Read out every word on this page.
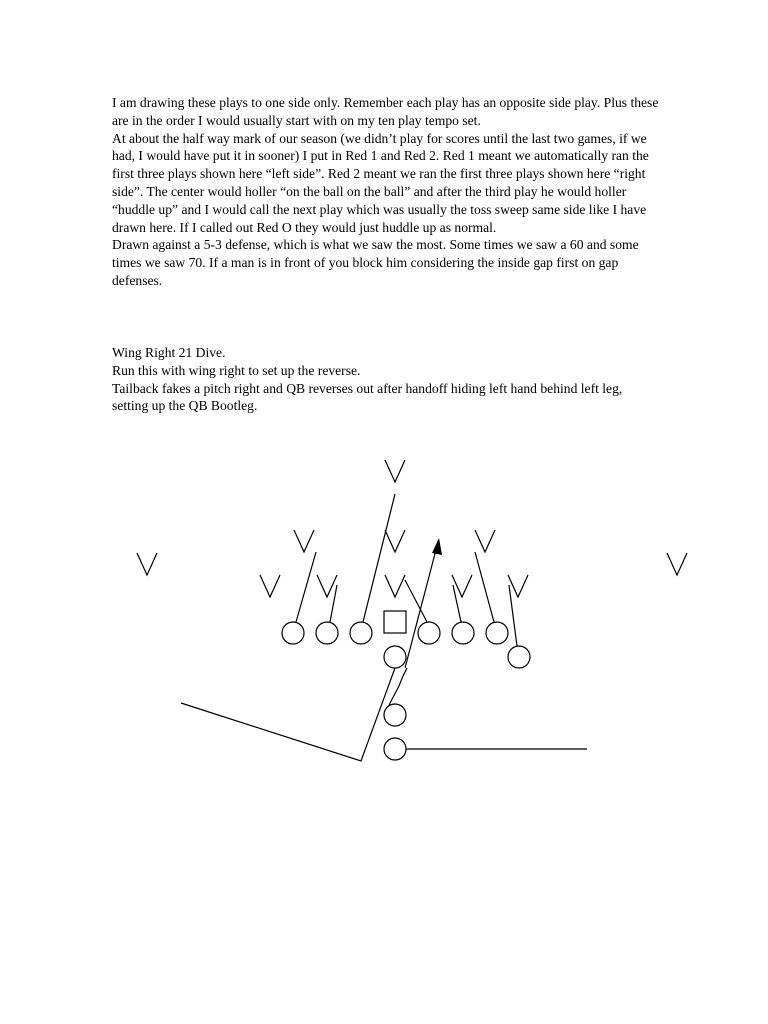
I am drawing these plays to one side only. Remember each play has an opposite side play. Plus these are in the order I would usually start with on my ten play tempo set.

At about the half way mark of our season (we didn’t play for scores until the last two games, if we had, I would have put it in sooner) I put in Red 1 and Red 2. Red 1 meant we automatically ran the first three plays shown here “left side”. Red 2 meant we ran the first three plays shown here “right side”. The center would holler “on the ball on the ball” and after the third play he would holler “huddle up” and I would call the next play which was usually the toss sweep same side like I have drawn here. If I called out Red O they would just huddle up as normal.

Drawn against a 5-3 defense, which is what we saw the most. Some times we saw a 60 and some times we saw 70. If a man is in front of you block him considering the inside gap first on gap defenses.

Wing Right 21 Dive.

Run this with wing right to set up the reverse.

Tailback fakes a pitch right and QB reverses out after handoff hiding left hand behind left leg, setting up the QB Bootleg.
